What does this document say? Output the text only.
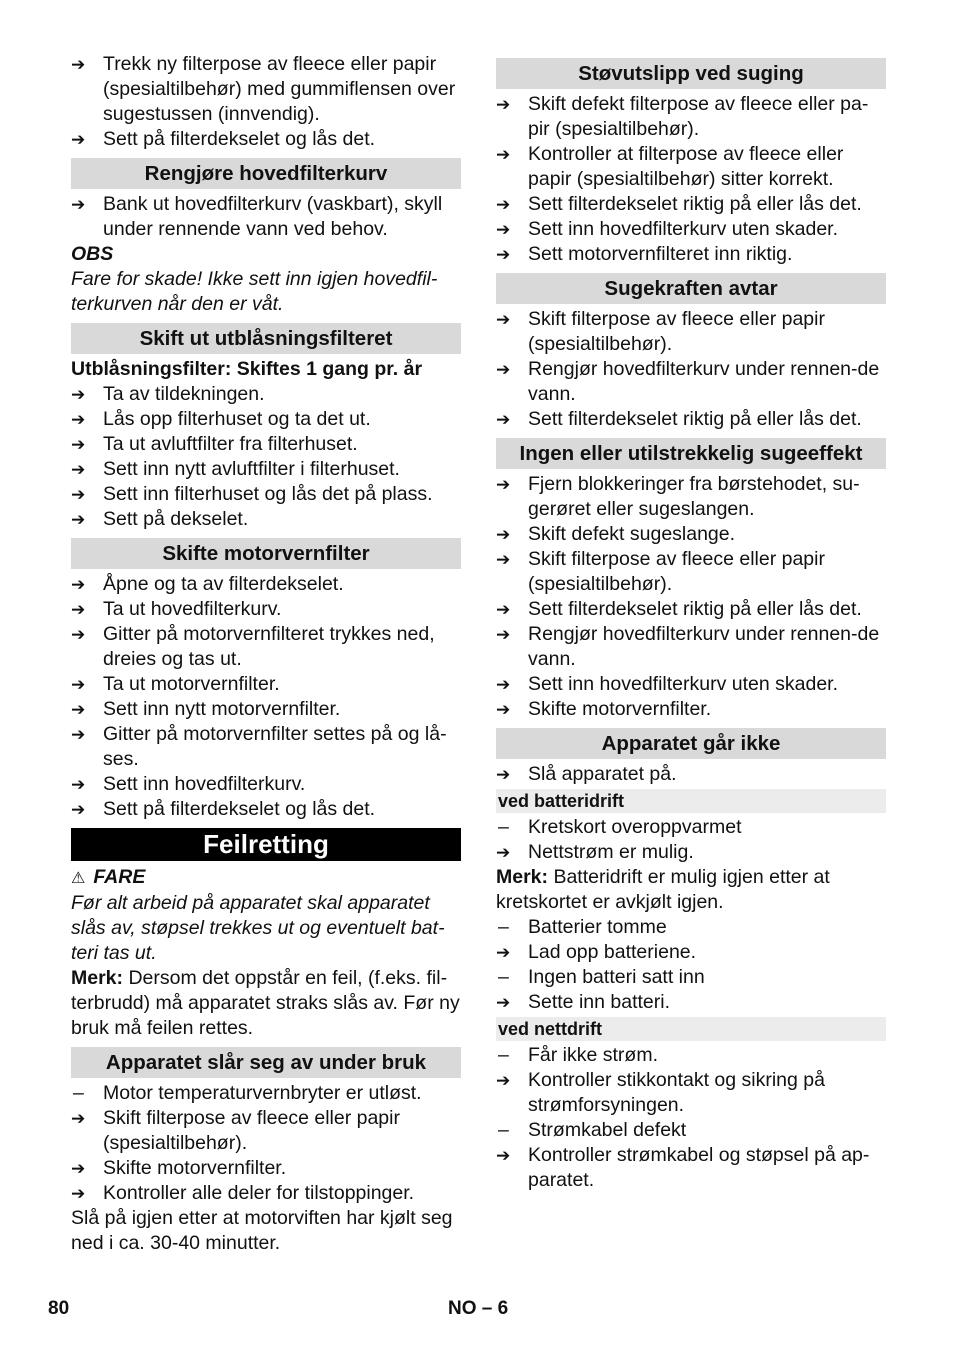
➔
Trekk ny filterpose av fleece eller papir (spesialtilbehør) med gummiflensen over sugestussen (innvendig).
➔
Sett på filterdekselet og lås det.
Rengjøre hovedfilterkurv
➔
Bank ut hovedfilterkurv (vaskbart), skyll under rennende vann ved behov.
OBS
Fare for skade! Ikke sett inn igjen hovedfil-terkurven når den er våt.
Skift ut utblåsningsfilteret
Utblåsningsfilter: Skiftes 1 gang pr. år
➔
Ta av tildekningen.
➔
Lås opp filterhuset og ta det ut.
➔
Ta ut avluftfilter fra filterhuset.
➔
Sett inn nytt avluftfilter i filterhuset.
➔
Sett inn filterhuset og lås det på plass.
➔
Sett på dekselet.
Skifte motorvernfilter
➔
Åpne og ta av filterdekselet.
➔
Ta ut hovedfilterkurv.
➔
Gitter på motorvernfilteret trykkes ned, dreies og tas ut.
➔
Ta ut motorvernfilter.
➔
Sett inn nytt motorvernfilter.
➔
Gitter på motorvernfilter settes på og lå-ses.
➔
Sett inn hovedfilterkurv.
➔
Sett på filterdekselet og lås det.
Feilretting
⚠ FARE
Før alt arbeid på apparatet skal apparatet slås av, støpsel trekkes ut og eventuelt bat-teri tas ut.
Merk: Dersom det oppstår en feil, (f.eks. fil-terbrudd) må apparatet straks slås av. Før ny bruk må feilen rettes.
Apparatet slår seg av under bruk
–
Motor temperaturvernbryter er utløst.
➔
Skift filterpose av fleece eller papir (spesialtilbehør).
➔
Skifte motorvernfilter.
➔
Kontroller alle deler for tilstoppinger.
Slå på igjen etter at motorviften har kjølt seg ned i ca. 30-40 minutter.
Støvutslipp ved suging
➔
Skift defekt filterpose av fleece eller pa-pir (spesialtilbehør).
➔
Kontroller at filterpose av fleece eller papir (spesialtilbehør) sitter korrekt.
➔
Sett filterdekselet riktig på eller lås det.
➔
Sett inn hovedfilterkurv uten skader.
➔
Sett motorvernfilteret inn riktig.
Sugekraften avtar
➔
Skift filterpose av fleece eller papir (spesialtilbehør).
➔
Rengjør hovedfilterkurv under rennen-de vann.
➔
Sett filterdekselet riktig på eller lås det.
Ingen eller utilstrekkelig sugeeffekt
➔
Fjern blokkeringer fra børstehodet, su-gerøret eller sugeslangen.
➔
Skift defekt sugeslange.
➔
Skift filterpose av fleece eller papir (spesialtilbehør).
➔
Sett filterdekselet riktig på eller lås det.
➔
Rengjør hovedfilterkurv under rennen-de vann.
➔
Sett inn hovedfilterkurv uten skader.
➔
Skifte motorvernfilter.
Apparatet går ikke
➔
Slå apparatet på.
ved batteridrift
–
Kretskort overoppvarmet
➔
Nettstrøm er mulig.
Merk: Batteridrift er mulig igjen etter at kretskortet er avkjølt igjen.
–
Batterier tomme
➔
Lad opp batteriene.
–
Ingen batteri satt inn
➔
Sette inn batteri.
ved nettdrift
–
Får ikke strøm.
➔
Kontroller stikkontakt og sikring på strømforsyningen.
–
Strømkabel defekt
➔
Kontroller strømkabel og støpsel på ap-paratet.
80	NO – 6
